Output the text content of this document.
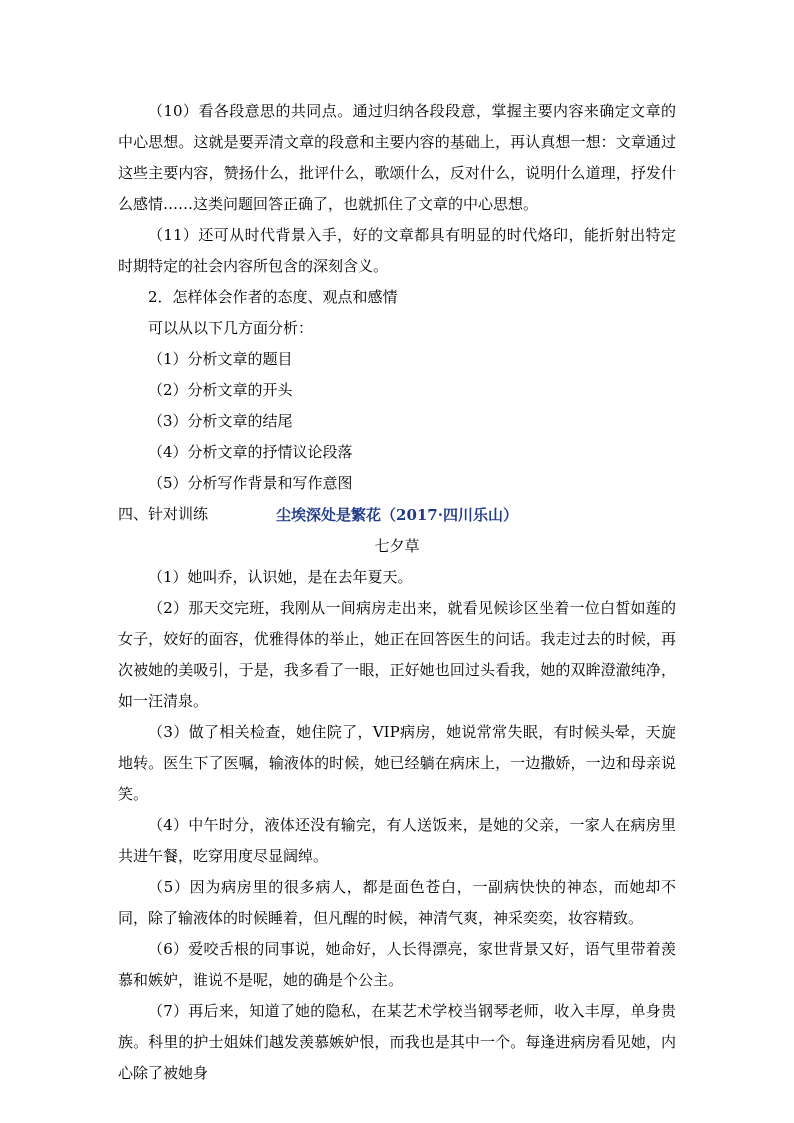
（10）看各段意思的共同点。通过归纳各段段意，掌握主要内容来确定文章的中心思想。这就是要弄清文章的段意和主要内容的基础上，再认真想一想：文章通过这些主要内容，赞扬什么，批评什么，歌颂什么，反对什么，说明什么道理，抒发什么感情……这类问题回答正确了，也就抓住了文章的中心思想。

（11）还可从时代背景入手，好的文章都具有明显的时代烙印，能折射出特定时期特定的社会内容所包含的深刻含义。

2．怎样体会作者的态度、观点和感情

可以从以下几方面分析：

（1）分析文章的题目

（2）分析文章的开头

（3）分析文章的结尾

（4）分析文章的抒情议论段落

（5）分析写作背景和写作意图

四、针对训练	尘埃深处是繁花（2017·四川乐山）

七夕草

（1）她叫乔，认识她，是在去年夏天。

（2）那天交完班，我刚从一间病房走出来，就看见候诊区坐着一位白皙如莲的女子，姣好的面容，优雅得体的举止，她正在回答医生的问话。我走过去的时候，再次被她的美吸引，于是，我多看了一眼，正好她也回过头看我，她的双眸澄澈纯净，如一汪清泉。

（3）做了相关检查，她住院了，VIP病房，她说常常失眠，有时候头晕，天旋地转。医生下了医嘱，输液体的时候，她已经躺在病床上，一边撒娇，一边和母亲说笑。

（4）中午时分，液体还没有输完，有人送饭来，是她的父亲，一家人在病房里共进午餐，吃穿用度尽显阔绰。

（5）因为病房里的很多病人，都是面色苍白，一副病快快的神态，而她却不同，除了输液体的时候睡着，但凡醒的时候，神清气爽，神采奕奕，妆容精致。

（6）爱咬舌根的同事说，她命好，人长得漂亮，家世背景又好，语气里带着羡慕和嫉妒，谁说不是呢，她的确是个公主。

（7）再后来，知道了她的隐私，在某艺术学校当钢琴老师，收入丰厚，单身贵族。科里的护士姐妹们越发羡慕嫉妒恨，而我也是其中一个。每逢进病房看见她，内心除了被她身
